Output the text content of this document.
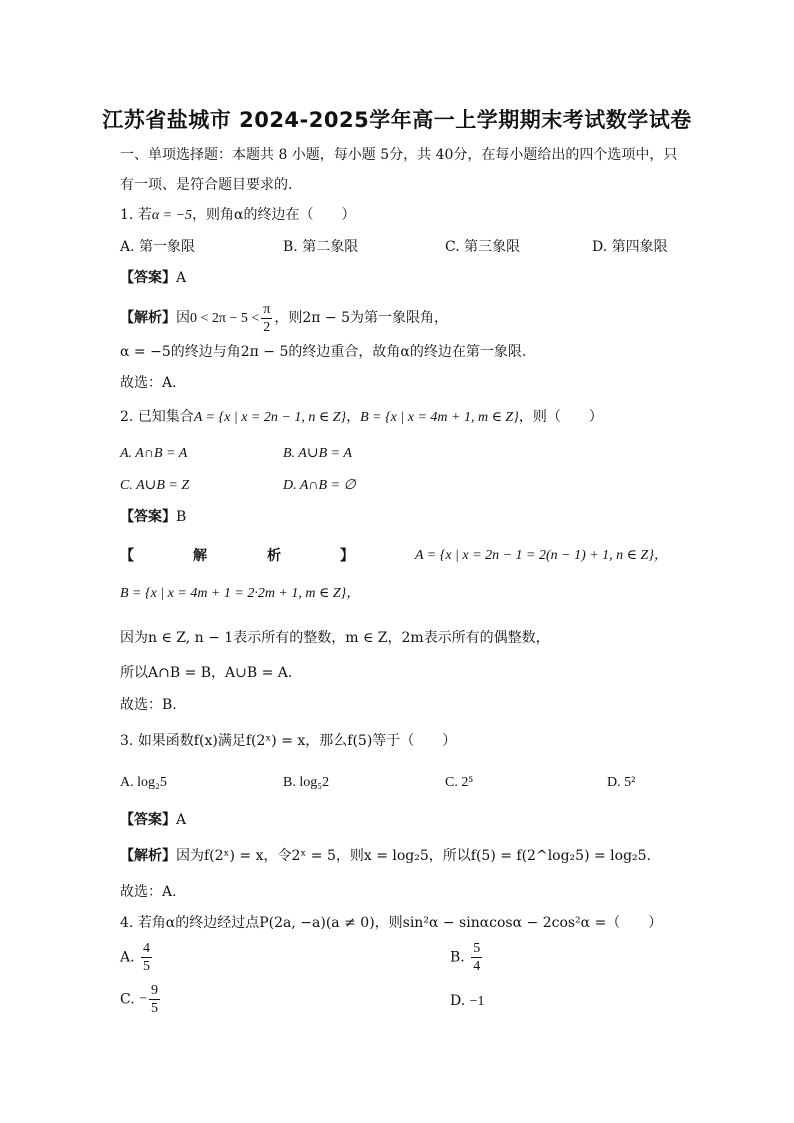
江苏省盐城市 2024-2025学年高一上学期期末考试数学试卷
一、单项选择题：本题共 8 小题，每小题 5分，共 40分，在每小题给出的四个选项中，只
有一项、是符合题目要求的.
1. 若α = −5，则角α的终边在（　　）
A. 第一象限	B. 第二象限	C. 第三象限	D. 第四象限
【答案】A
【解析】因$0 < 2\pi - 5 < \frac{\pi}{2}$ ，则2π − 5为第一象限角，
α = −5的终边与角2π − 5的终边重合，故角α的终边在第一象限.
故选：A.
2. 已知集合A = {x | x = 2n − 1, n ∈ Z}，B = {x | x = 4m + 1, m ∈ Z}，则（　　）
A. A∩B = A	B. A∪B = A
C. A∪B = Z	D. A∩B = ∅
【答案】B
【	解	析	】	A = {x | x = 2n − 1 = 2(n − 1) + 1, n ∈ Z}，
B = {x | x = 4m + 1 = 2·2m + 1, m ∈ Z}，
因为n ∈ Z, n − 1表示所有的整数，m ∈ Z，2m表示所有的偶整数，
所以A∩B = B，A∪B = A.
故选：B.
3. 如果函数f(x)满足f(2ˣ) = x，那么f(5)等于（　　）
A. log₂5	B. log₅2	C. 2⁵	D. 5²
【答案】A
【解析】因为f(2ˣ) = x，令2ˣ = 5，则x = log₂5，所以f(5) = f(2^log₂5) = log₂5.
故选：A.
4. 若角α的终边经过点P(2a, −a)(a ≠ 0)，则sin²α − sinαcosα − 2cos²α =（　　）
A. $\frac{4}{5}$	B. $\frac{5}{4}$
C. − $\frac{9}{5}$	D. −1
